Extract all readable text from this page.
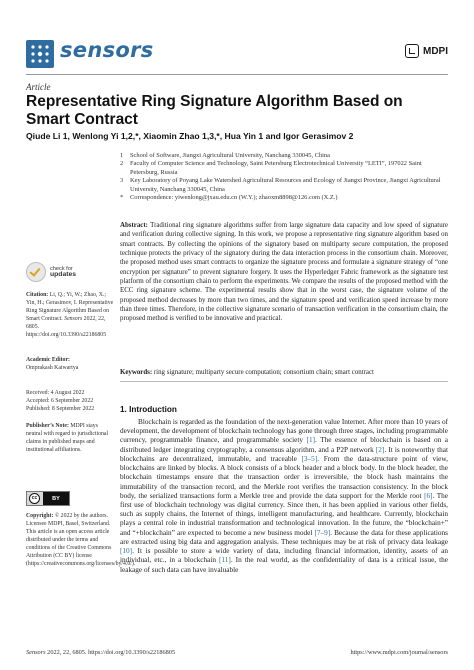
sensors	MDPI
Article
Representative Ring Signature Algorithm Based on Smart Contract
Qiude Li 1, Wenlong Yi 1,2,*, Xiaomin Zhao 1,3,*, Hua Yin 1 and Igor Gerasimov 2
1	School of Software, Jiangxi Agricultural University, Nanchang 330045, China
2	Faculty of Computer Science and Technology, Saint Petersburg Electrotechnical University “LETI”, 197022 Saint Petersburg, Russia
3	Key Laboratory of Poyang Lake Watershed Agricultural Resources and Ecology of Jiangxi Province, Jiangxi Agricultural University, Nanchang 330045, China
*	Correspondence: yiwenlong@jxau.edu.cn (W.Y.); zhaoxm8898@126.com (X.Z.)
Abstract: Traditional ring signature algorithms suffer from large signature data capacity and low speed of signature and verification during collective signing. In this work, we propose a representative ring signature algorithm based on smart contracts. By collecting the opinions of the signatory based on multiparty secure computation, the proposed technique protects the privacy of the signatory during the data interaction process in the consortium chain. Moreover, the proposed method uses smart contracts to organize the signature process and formulate a signature strategy of “one encryption per signature” to prevent signature forgery. It uses the Hyperledger Fabric framework as the signature test platform of the consortium chain to perform the experiments. We compare the results of the proposed method with the ECC ring signature scheme. The experimental results show that in the worst case, the signature volume of the proposed method decreases by more than two times, and the signature speed and verification speed increase by more than three times. Therefore, in the collective signature scenario of transaction verification in the consortium chain, the proposed method is verified to be innovative and practical.
Keywords: ring signature; multiparty secure computation; consortium chain; smart contract
check for
updates
Citation: Li, Q.; Yi, W.; Zhao, X.; Yin, H.; Gerasimov, I. Representative Ring Signature Algorithm Based on Smart Contract. Sensors 2022, 22, 6805. https://doi.org/10.3390/s22186805
Academic Editor:
Omprakash Kaiwartya
Received: 4 August 2022
Accepted: 6 September 2022
Published: 8 September 2022
Publisher’s Note: MDPI stays neutral with regard to jurisdictional claims in published maps and institutional affiliations.
cc	BY
Copyright: © 2022 by the authors. Licensee MDPI, Basel, Switzerland. This article is an open access article distributed under the terms and conditions of the Creative Commons Attribution (CC BY) license (https://creativecommons.org/licenses/by/4.0/).
1. Introduction
Blockchain is regarded as the foundation of the next-generation value Internet. After more than 10 years of development, the development of blockchain technology has gone through three stages, including programmable currency, programmable finance, and programmable society [1]. The essence of blockchain is based on a distributed ledger integrating cryptography, a consensus algorithm, and a P2P network [2]. It is noteworthy that blockchains are decentralized, immutable, and traceable [3–5]. From the data-structure point of view, blockchains are linked by blocks. A block consists of a block header and a block body. In the block header, the blockchain timestamps ensure that the transaction order is irreversible, the block hash maintains the immutability of the transaction record, and the Merkle root verifies the transaction consistency. In the block body, the serialized transactions form a Merkle tree and provide the data support for the Merkle root [6]. The first use of blockchain technology was digital currency. Since then, it has been applied in various other fields, such as supply chains, the Internet of things, intelligent manufacturing, and healthcare. Currently, blockchain plays a central role in industrial transformation and technological innovation. In the future, the “blockchain+” and “+blockchain” are expected to become a new business model [7–9]. Because the data for these applications are extracted using big data and aggregation analysis. These techniques may be at risk of privacy data leakage [10]. It is possible to store a wide variety of data, including financial information, identity, assets of an individual, etc., in a blockchain [11]. In the real world, as the confidentiality of data is a critical issue, the leakage of such data can have invaluable
Sensors 2022, 22, 6805. https://doi.org/10.3390/s22186805	https://www.mdpi.com/journal/sensors
